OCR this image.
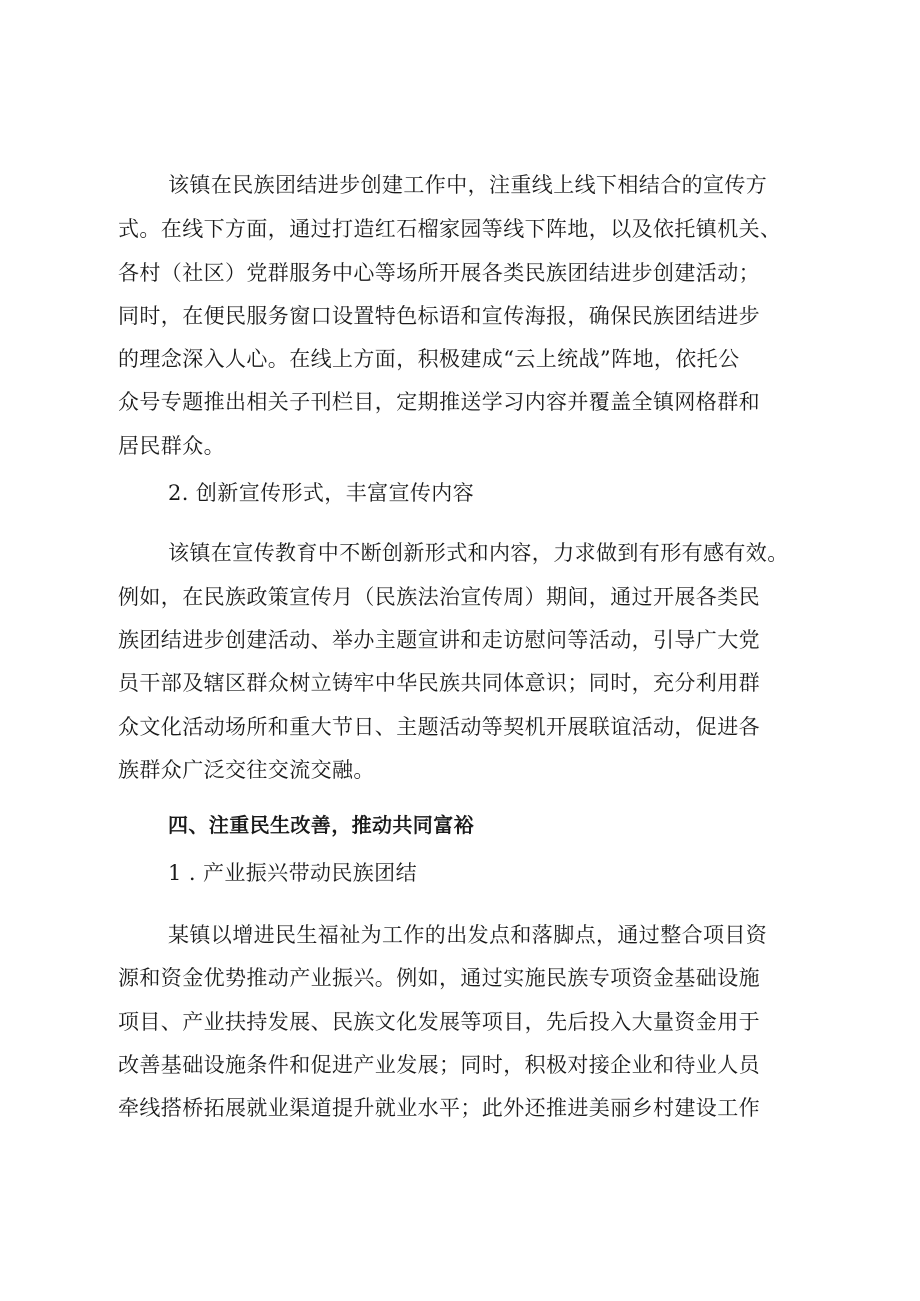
该镇在民族团结进步创建工作中，注重线上线下相结合的宣传方
式。在线下方面，通过打造红石榴家园等线下阵地，以及依托镇机关、
各村（社区）党群服务中心等场所开展各类民族团结进步创建活动；
同时，在便民服务窗口设置特色标语和宣传海报，确保民族团结进步
的理念深入人心。在线上方面，积极建成“云上统战”阵地，依托公
众号专题推出相关子刊栏目，定期推送学习内容并覆盖全镇网格群和
居民群众。
2. 创新宣传形式，丰富宣传内容
该镇在宣传教育中不断创新形式和内容，力求做到有形有感有效。
例如，在民族政策宣传月（民族法治宣传周）期间，通过开展各类民
族团结进步创建活动、举办主题宣讲和走访慰问等活动，引导广大党
员干部及辖区群众树立铸牢中华民族共同体意识；同时，充分利用群
众文化活动场所和重大节日、主题活动等契机开展联谊活动，促进各
族群众广泛交往交流交融。
四、注重民生改善，推动共同富裕
1 . 产业振兴带动民族团结
某镇以增进民生福祉为工作的出发点和落脚点，通过整合项目资
源和资金优势推动产业振兴。例如，通过实施民族专项资金基础设施
项目、产业扶持发展、民族文化发展等项目，先后投入大量资金用于
改善基础设施条件和促进产业发展；同时，积极对接企业和待业人员
牵线搭桥拓展就业渠道提升就业水平；此外还推进美丽乡村建设工作
